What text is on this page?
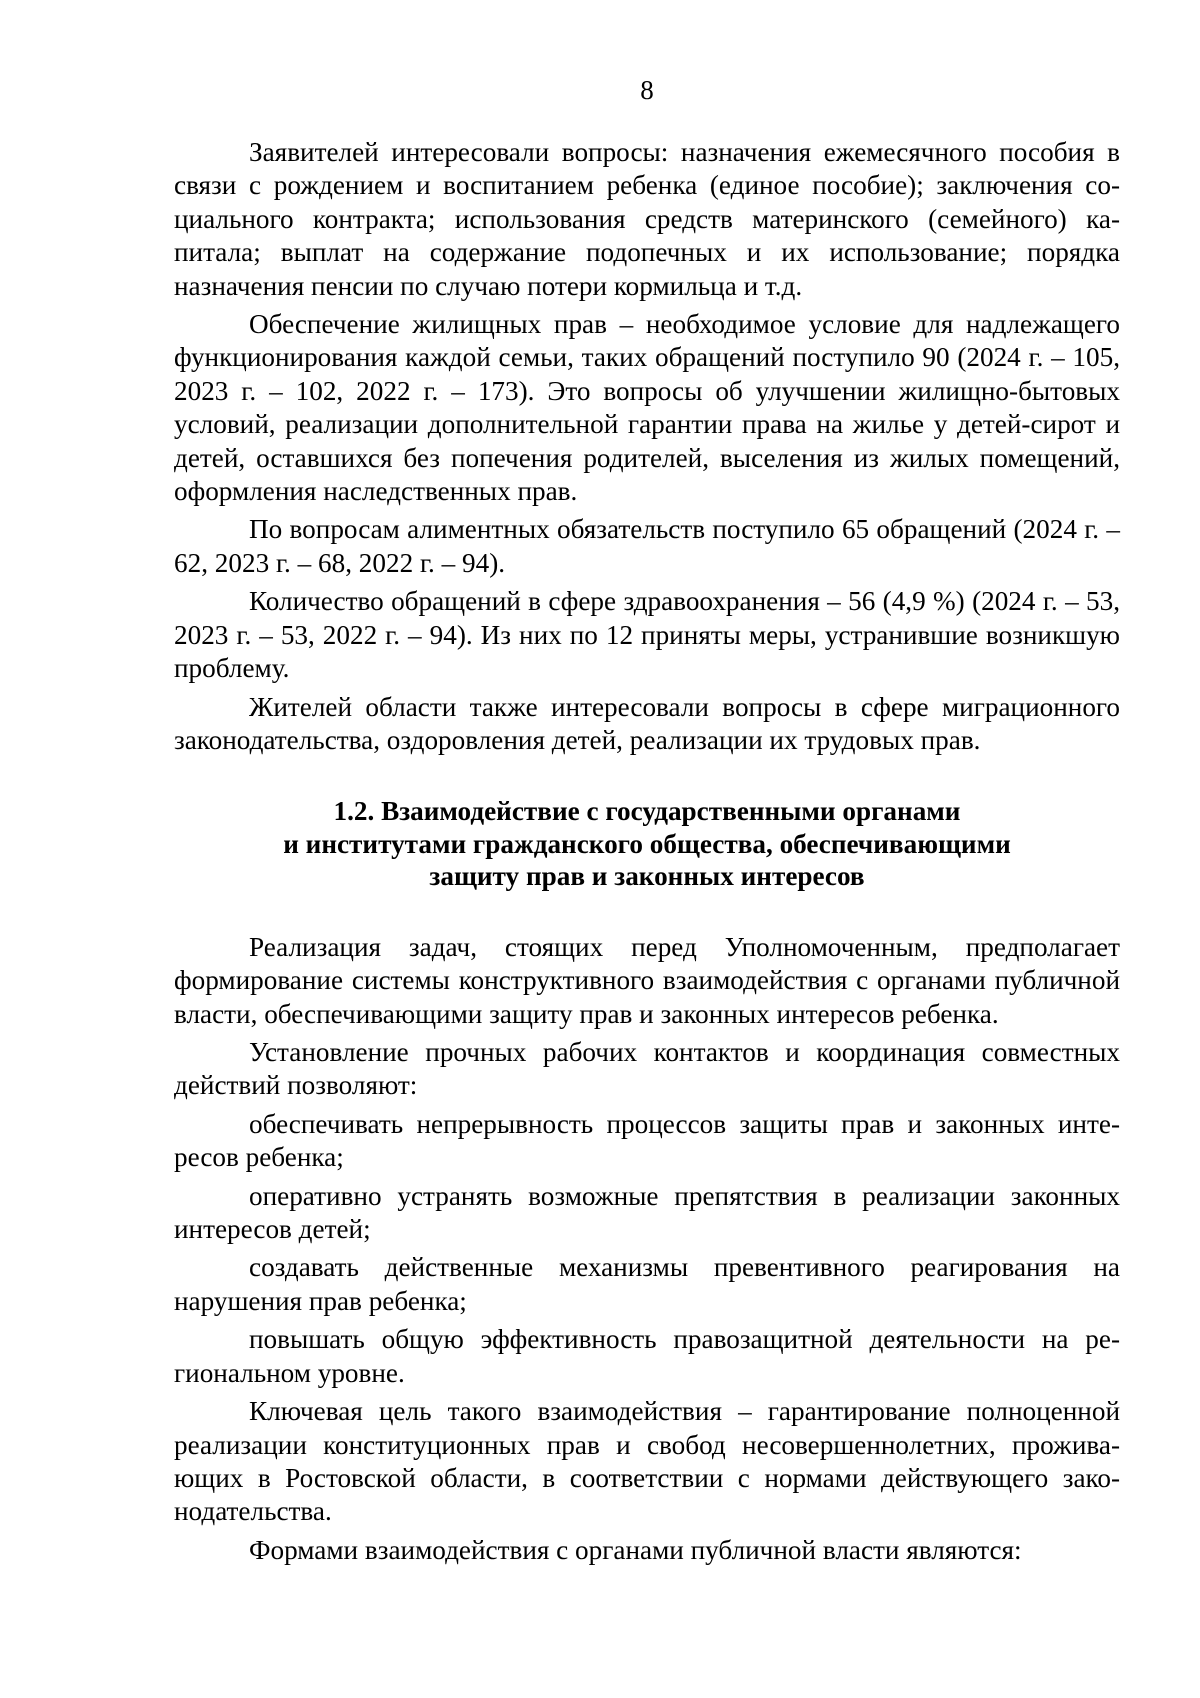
8

Заявителей интересовали вопросы: назначения ежемесячного пособия в связи с рождением и воспитанием ребенка (единое пособие); заключения социального контракта; использования средств материнского (семейного) капитала; выплат на содержание подопечных и их использование; порядка назначения пенсии по случаю потери кормильца и т.д.

Обеспечение жилищных прав – необходимое условие для надлежащего функционирования каждой семьи, таких обращений поступило 90 (2024 г. – 105, 2023 г. – 102, 2022 г. – 173). Это вопросы об улучшении жилищно-бытовых условий, реализации дополнительной гарантии права на жилье у детей-сирот и детей, оставшихся без попечения родителей, выселения из жилых помещений, оформления наследственных прав.

По вопросам алиментных обязательств поступило 65 обращений (2024 г. – 62, 2023 г. – 68, 2022 г. – 94).

Количество обращений в сфере здравоохранения – 56 (4,9 %) (2024 г. – 53, 2023 г. – 53, 2022 г. – 94). Из них по 12 приняты меры, устранившие возникшую проблему.

Жителей области также интересовали вопросы в сфере миграционного законодательства, оздоровления детей, реализации их трудовых прав.

1.2. Взаимодействие с государственными органами
и институтами гражданского общества, обеспечивающими
защиту прав и законных интересов

Реализация задач, стоящих перед Уполномоченным, предполагает формирование системы конструктивного взаимодействия с органами публичной власти, обеспечивающими защиту прав и законных интересов ребенка.

Установление прочных рабочих контактов и координация совместных действий позволяют:

обеспечивать непрерывность процессов защиты прав и законных интересов ребенка;

оперативно устранять возможные препятствия в реализации законных интересов детей;

создавать действенные механизмы превентивного реагирования на нарушения прав ребенка;

повышать общую эффективность правозащитной деятельности на региональном уровне.

Ключевая цель такого взаимодействия – гарантирование полноценной реализации конституционных прав и свобод несовершеннолетних, проживающих в Ростовской области, в соответствии с нормами действующего законодательства.

Формами взаимодействия с органами публичной власти являются:
